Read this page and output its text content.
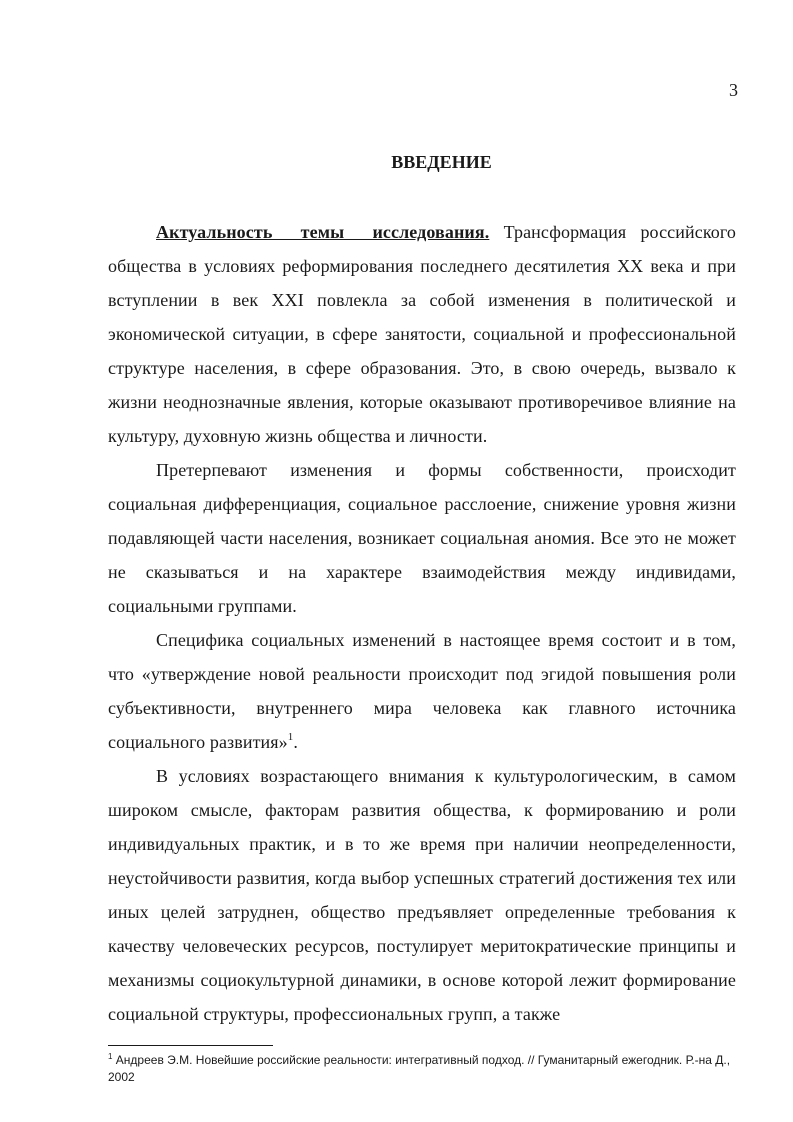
3
ВВЕДЕНИЕ

Актуальность темы исследования. Трансформация российского общества в условиях реформирования последнего десятилетия XX века и при вступлении в век XXI повлекла за собой изменения в политической и экономической ситуации, в сфере занятости, социальной и профессиональной структуре населения, в сфере образования. Это, в свою очередь, вызвало к жизни неоднозначные явления, которые оказывают противоречивое влияние на культуру, духовную жизнь общества и личности.

Претерпевают изменения и формы собственности, происходит социальная дифференциация, социальное расслоение, снижение уровня жизни подавляющей части населения, возникает социальная аномия. Все это не может не сказываться и на характере взаимодействия между индивидами, социальными группами.

Специфика социальных изменений в настоящее время состоит и в том, что «утверждение новой реальности происходит под эгидой повышения роли субъективности, внутреннего мира человека как главного источника социального развития»$^1$.

В условиях возрастающего внимания к культурологическим, в самом широком смысле, факторам развития общества, к формированию и роли индивидуальных практик, и в то же время при наличии неопределенности, неустойчивости развития, когда выбор успешных стратегий достижения тех или иных целей затруднен, общество предъявляет определенные требования к качеству человеческих ресурсов, постулирует меритократические принципы и механизмы социокультурной динамики, в основе которой лежит формирование социальной структуры, профессиональных групп, а также

$^1$ Андреев Э.М. Новейшие российские реальности: интегративный подход. // Гуманитарный ежегодник. Р.-на Д., 2002
